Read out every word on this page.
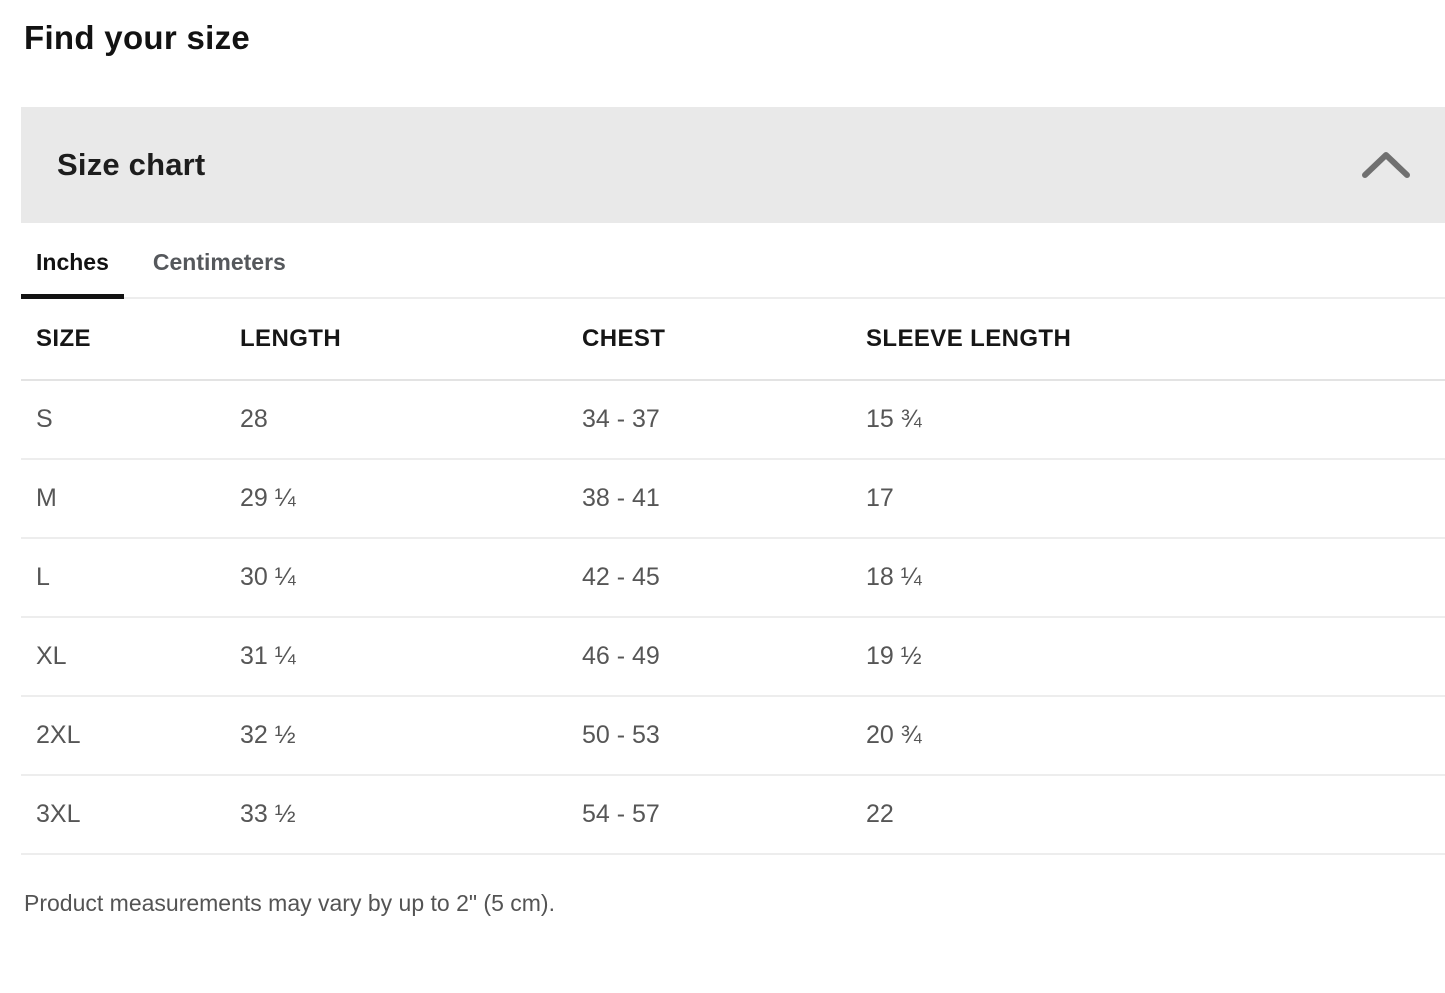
Find your size
Size chart
Inches	Centimeters
SIZE	LENGTH	CHEST	SLEEVE LENGTH
S	28	34 - 37	15 ¾
M	29 ¼	38 - 41	17
L	30 ¼	42 - 45	18 ¼
XL	31 ¼	46 - 49	19 ½
2XL	32 ½	50 - 53	20 ¾
3XL	33 ½	54 - 57	22
Product measurements may vary by up to 2" (5 cm).
